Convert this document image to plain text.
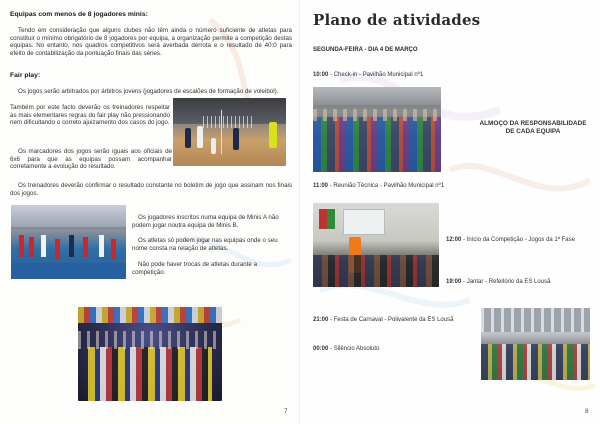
Equipas com menos de 8 jogadores minis:
Tendo em consideração que alguns clubes não têm ainda o número suficiente de atletas para constituir o mínimo obrigatório de 8 jogadores por equipa, a organização permite a competição destas equipas. No entanto, nos quadros competitivos será averbada derrota e o resultado de 40:0 para efeito de contabilização da pontuação finais das séries.
Fair play:
Os jogos serão arbitrados por árbitros jovens (jogadores de escalões de formação de voleibol).
Também por este facto deverão os treinadores respeitar as mais elementares regras do fair play não pressionando nem dificultando o correto ajuizamento dos casos do jogo.
Os marcadores dos jogos serão iguais aos oficiais de 6x6 para que as equipas possam acompanhar corretamente a evolução do resultado.
Os treinadores deverão confirmar o resultado constante no boletim de jogo que assinam nos finais dos jogos.
Os jogadores inscritos numa equipa de Minis A não podem jogar noutra equipa de Minis B.
Os atletas só podem jogar nas equipas onde o seu nome consta na relação de atletas.
Não pode haver trocas de atletas durante a competição.
7
Plano de atividades
SEGUNDA-FEIRA - DIA 4 DE MARÇO
10:00 - Check-in - Pavilhão Municipal nº1
ALMOÇO DA RESPONSABILIDADE
DE CADA EQUIPA
11:00 - Reunião Técnica - Pavilhão Municipal nº1
12:00 - Início da Competição - Jogos da 1ª Fase
19:00 - Jantar - Refeitório da ES Lousã
21:00 - Festa de Carnaval - Polivalente da ES Lousã
00:00 - Silêncio Absoluto
8
